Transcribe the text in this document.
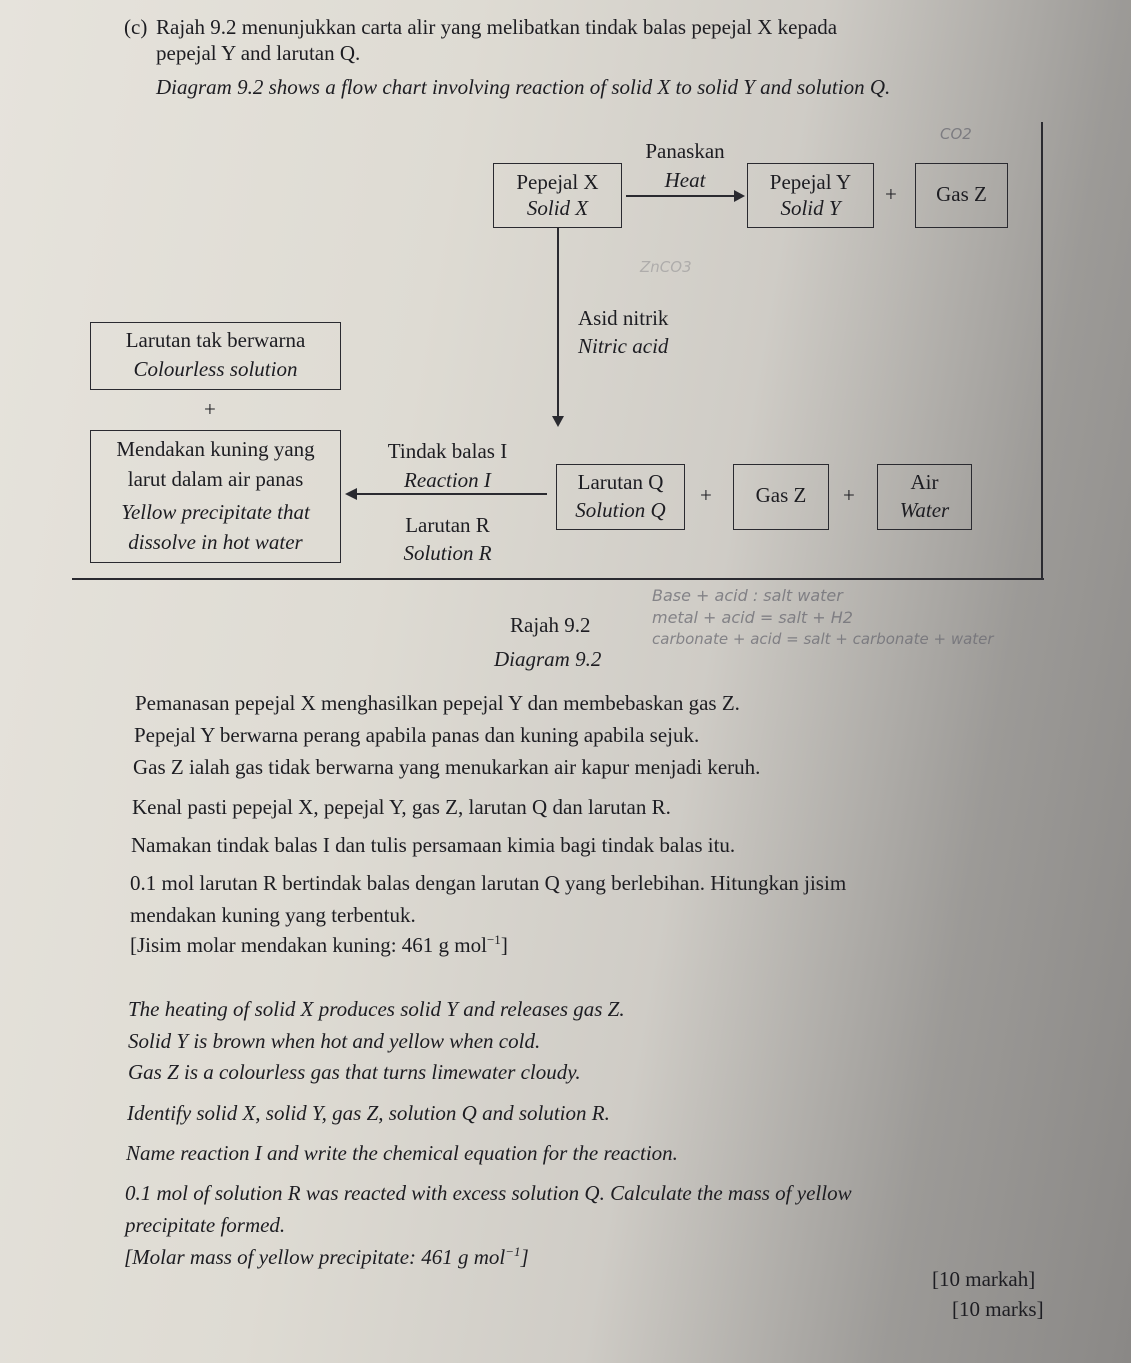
(c) Rajah 9.2 menunjukkan carta alir yang melibatkan tindak balas pepejal X kepada
pepejal Y and larutan Q.
Diagram 9.2 shows a flow chart involving reaction of solid X to solid Y and solution Q.
Panaskan
Heat
Pepejal X
Solid X
Pepejal Y
Solid Y
+	Gas Z
Asid nitrik
Nitric acid
Larutan tak berwarna
Colourless solution
+
Mendakan kuning yang
larut dalam air panas
Yellow precipitate that
dissolve in hot water
Tindak balas I
Reaction I
Larutan R
Solution R
Larutan Q
Solution Q
+	Gas Z	+
Air
Water
CO2
ZnCO3
Base + acid : salt water
metal + acid = salt + H2
carbonate + acid = salt + carbonate + water
Rajah 9.2
Diagram 9.2
Pemanasan pepejal X menghasilkan pepejal Y dan membebaskan gas Z.
Pepejal Y berwarna perang apabila panas dan kuning apabila sejuk.
Gas Z ialah gas tidak berwarna yang menukarkan air kapur menjadi keruh.
Kenal pasti pepejal X, pepejal Y, gas Z, larutan Q dan larutan R.
Namakan tindak balas I dan tulis persamaan kimia bagi tindak balas itu.
0.1 mol larutan R bertindak balas dengan larutan Q yang berlebihan. Hitungkan jisim
mendakan kuning yang terbentuk.
[Jisim molar mendakan kuning: 461 g mol$^{-1}$]
The heating of solid X produces solid Y and releases gas Z.
Solid Y is brown when hot and yellow when cold.
Gas Z is a colourless gas that turns limewater cloudy.
Identify solid X, solid Y, gas Z, solution Q and solution R.
Name reaction I and write the chemical equation for the reaction.
0.1 mol of solution R was reacted with excess solution Q. Calculate the mass of yellow
precipitate formed.
[Molar mass of yellow precipitate: 461 g mol$^{-1}$]
[10 markah]
[10 marks]
